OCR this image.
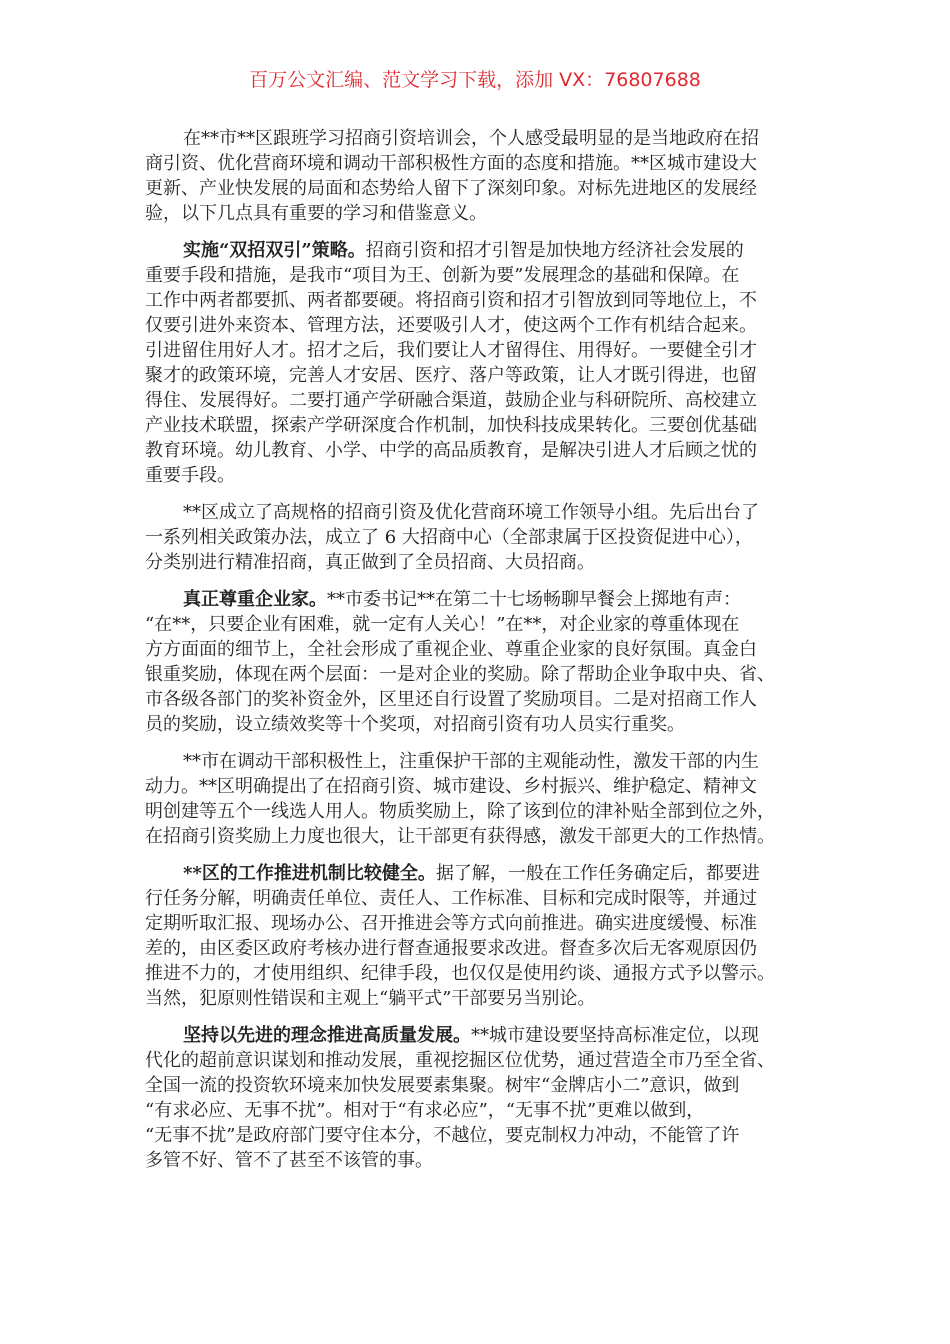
百万公文汇编、范文学习下载，添加 VX：76807688
在**市**区跟班学习招商引资培训会，个人感受最明显的是当地政府在招
商引资、优化营商环境和调动干部积极性方面的态度和措施。**区城市建设大
更新、产业快发展的局面和态势给人留下了深刻印象。对标先进地区的发展经
验，以下几点具有重要的学习和借鉴意义。
实施“双招双引”策略。招商引资和招才引智是加快地方经济社会发展的
重要手段和措施，是我市“项目为王、创新为要”发展理念的基础和保障。在
工作中两者都要抓、两者都要硬。将招商引资和招才引智放到同等地位上，不
仅要引进外来资本、管理方法，还要吸引人才，使这两个工作有机结合起来。
引进留住用好人才。招才之后，我们要让人才留得住、用得好。一要健全引才
聚才的政策环境，完善人才安居、医疗、落户等政策，让人才既引得进，也留
得住、发展得好。二要打通产学研融合渠道，鼓励企业与科研院所、高校建立
产业技术联盟，探索产学研深度合作机制，加快科技成果转化。三要创优基础
教育环境。幼儿教育、小学、中学的高品质教育，是解决引进人才后顾之忧的
重要手段。
**区成立了高规格的招商引资及优化营商环境工作领导小组。先后出台了
一系列相关政策办法，成立了 6 大招商中心（全部隶属于区投资促进中心），
分类别进行精准招商，真正做到了全员招商、大员招商。
真正尊重企业家。**市委书记**在第二十七场畅聊早餐会上掷地有声：
“在**，只要企业有困难，就一定有人关心！”在**，对企业家的尊重体现在
方方面面的细节上，全社会形成了重视企业、尊重企业家的良好氛围。真金白
银重奖励，体现在两个层面：一是对企业的奖励。除了帮助企业争取中央、省、
市各级各部门的奖补资金外，区里还自行设置了奖励项目。二是对招商工作人
员的奖励，设立绩效奖等十个奖项，对招商引资有功人员实行重奖。
**市在调动干部积极性上，注重保护干部的主观能动性，激发干部的内生
动力。**区明确提出了在招商引资、城市建设、乡村振兴、维护稳定、精神文
明创建等五个一线选人用人。物质奖励上，除了该到位的津补贴全部到位之外，
在招商引资奖励上力度也很大，让干部更有获得感，激发干部更大的工作热情。
**区的工作推进机制比较健全。据了解，一般在工作任务确定后，都要进
行任务分解，明确责任单位、责任人、工作标准、目标和完成时限等，并通过
定期听取汇报、现场办公、召开推进会等方式向前推进。确实进度缓慢、标准
差的，由区委区政府考核办进行督查通报要求改进。督查多次后无客观原因仍
推进不力的，才使用组织、纪律手段，也仅仅是使用约谈、通报方式予以警示。
当然，犯原则性错误和主观上“躺平式”干部要另当别论。
坚持以先进的理念推进高质量发展。**城市建设要坚持高标准定位，以现
代化的超前意识谋划和推动发展，重视挖掘区位优势，通过营造全市乃至全省、
全国一流的投资软环境来加快发展要素集聚。树牢“金牌店小二”意识，做到
“有求必应、无事不扰”。相对于“有求必应”，“无事不扰”更难以做到，
“无事不扰”是政府部门要守住本分，不越位，要克制权力冲动，不能管了许
多管不好、管不了甚至不该管的事。
